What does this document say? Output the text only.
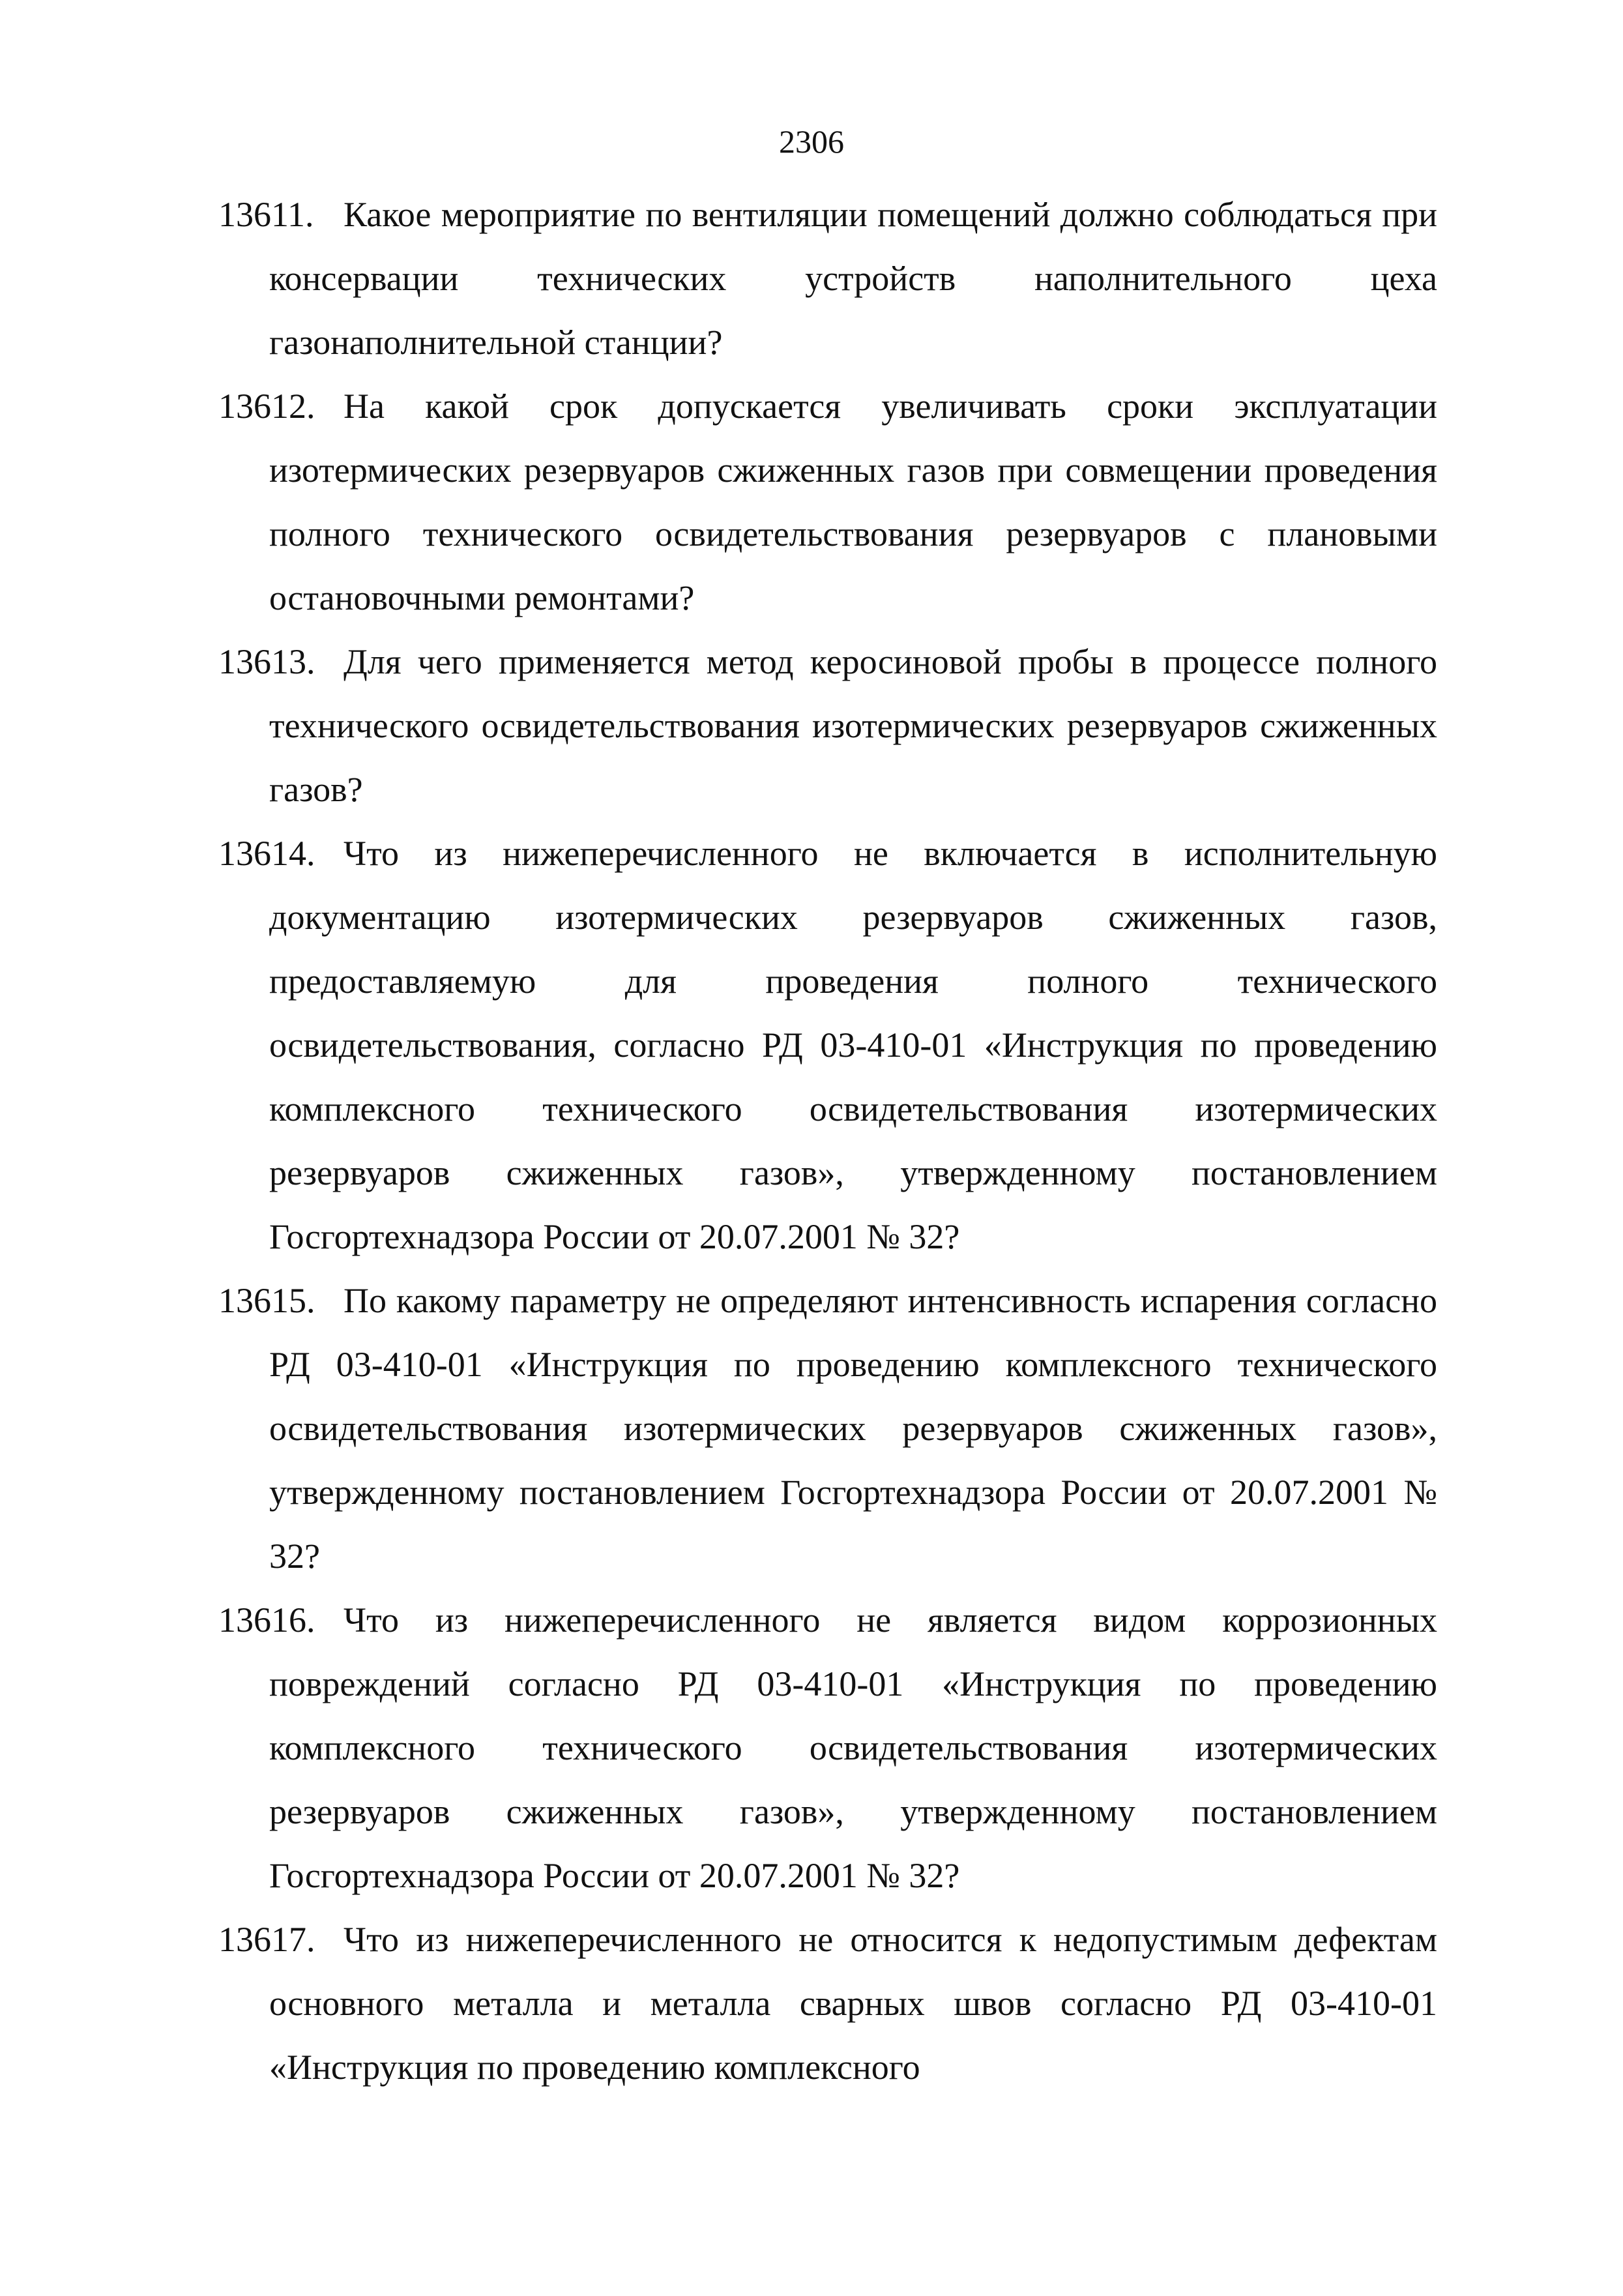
2306
13611. Какое мероприятие по вентиляции помещений должно соблюдаться при консервации технических устройств наполнительного цеха газонаполнительной станции?
13612. На какой срок допускается увеличивать сроки эксплуатации изотермических резервуаров сжиженных газов при совмещении проведения полного технического освидетельствования резервуаров с плановыми остановочными ремонтами?
13613. Для чего применяется метод керосиновой пробы в процессе полного технического освидетельствования изотермических резервуаров сжиженных газов?
13614. Что из нижеперечисленного не включается в исполнительную документацию изотермических резервуаров сжиженных газов, предоставляемую для проведения полного технического освидетельствования, согласно РД 03-410-01 «Инструкция по проведению комплексного технического освидетельствования изотермических резервуаров сжиженных газов», утвержденному постановлением Госгортехнадзора России от 20.07.2001 № 32?
13615. По какому параметру не определяют интенсивность испарения согласно РД 03-410-01 «Инструкция по проведению комплексного технического освидетельствования изотермических резервуаров сжиженных газов», утвержденному постановлением Госгортехнадзора России от 20.07.2001 № 32?
13616. Что из нижеперечисленного не является видом коррозионных повреждений согласно РД 03-410-01 «Инструкция по проведению комплексного технического освидетельствования изотермических резервуаров сжиженных газов», утвержденному постановлением Госгортехнадзора России от 20.07.2001 № 32?
13617. Что из нижеперечисленного не относится к недопустимым дефектам основного металла и металла сварных швов согласно РД 03-410-01 «Инструкция по проведению комплексного
